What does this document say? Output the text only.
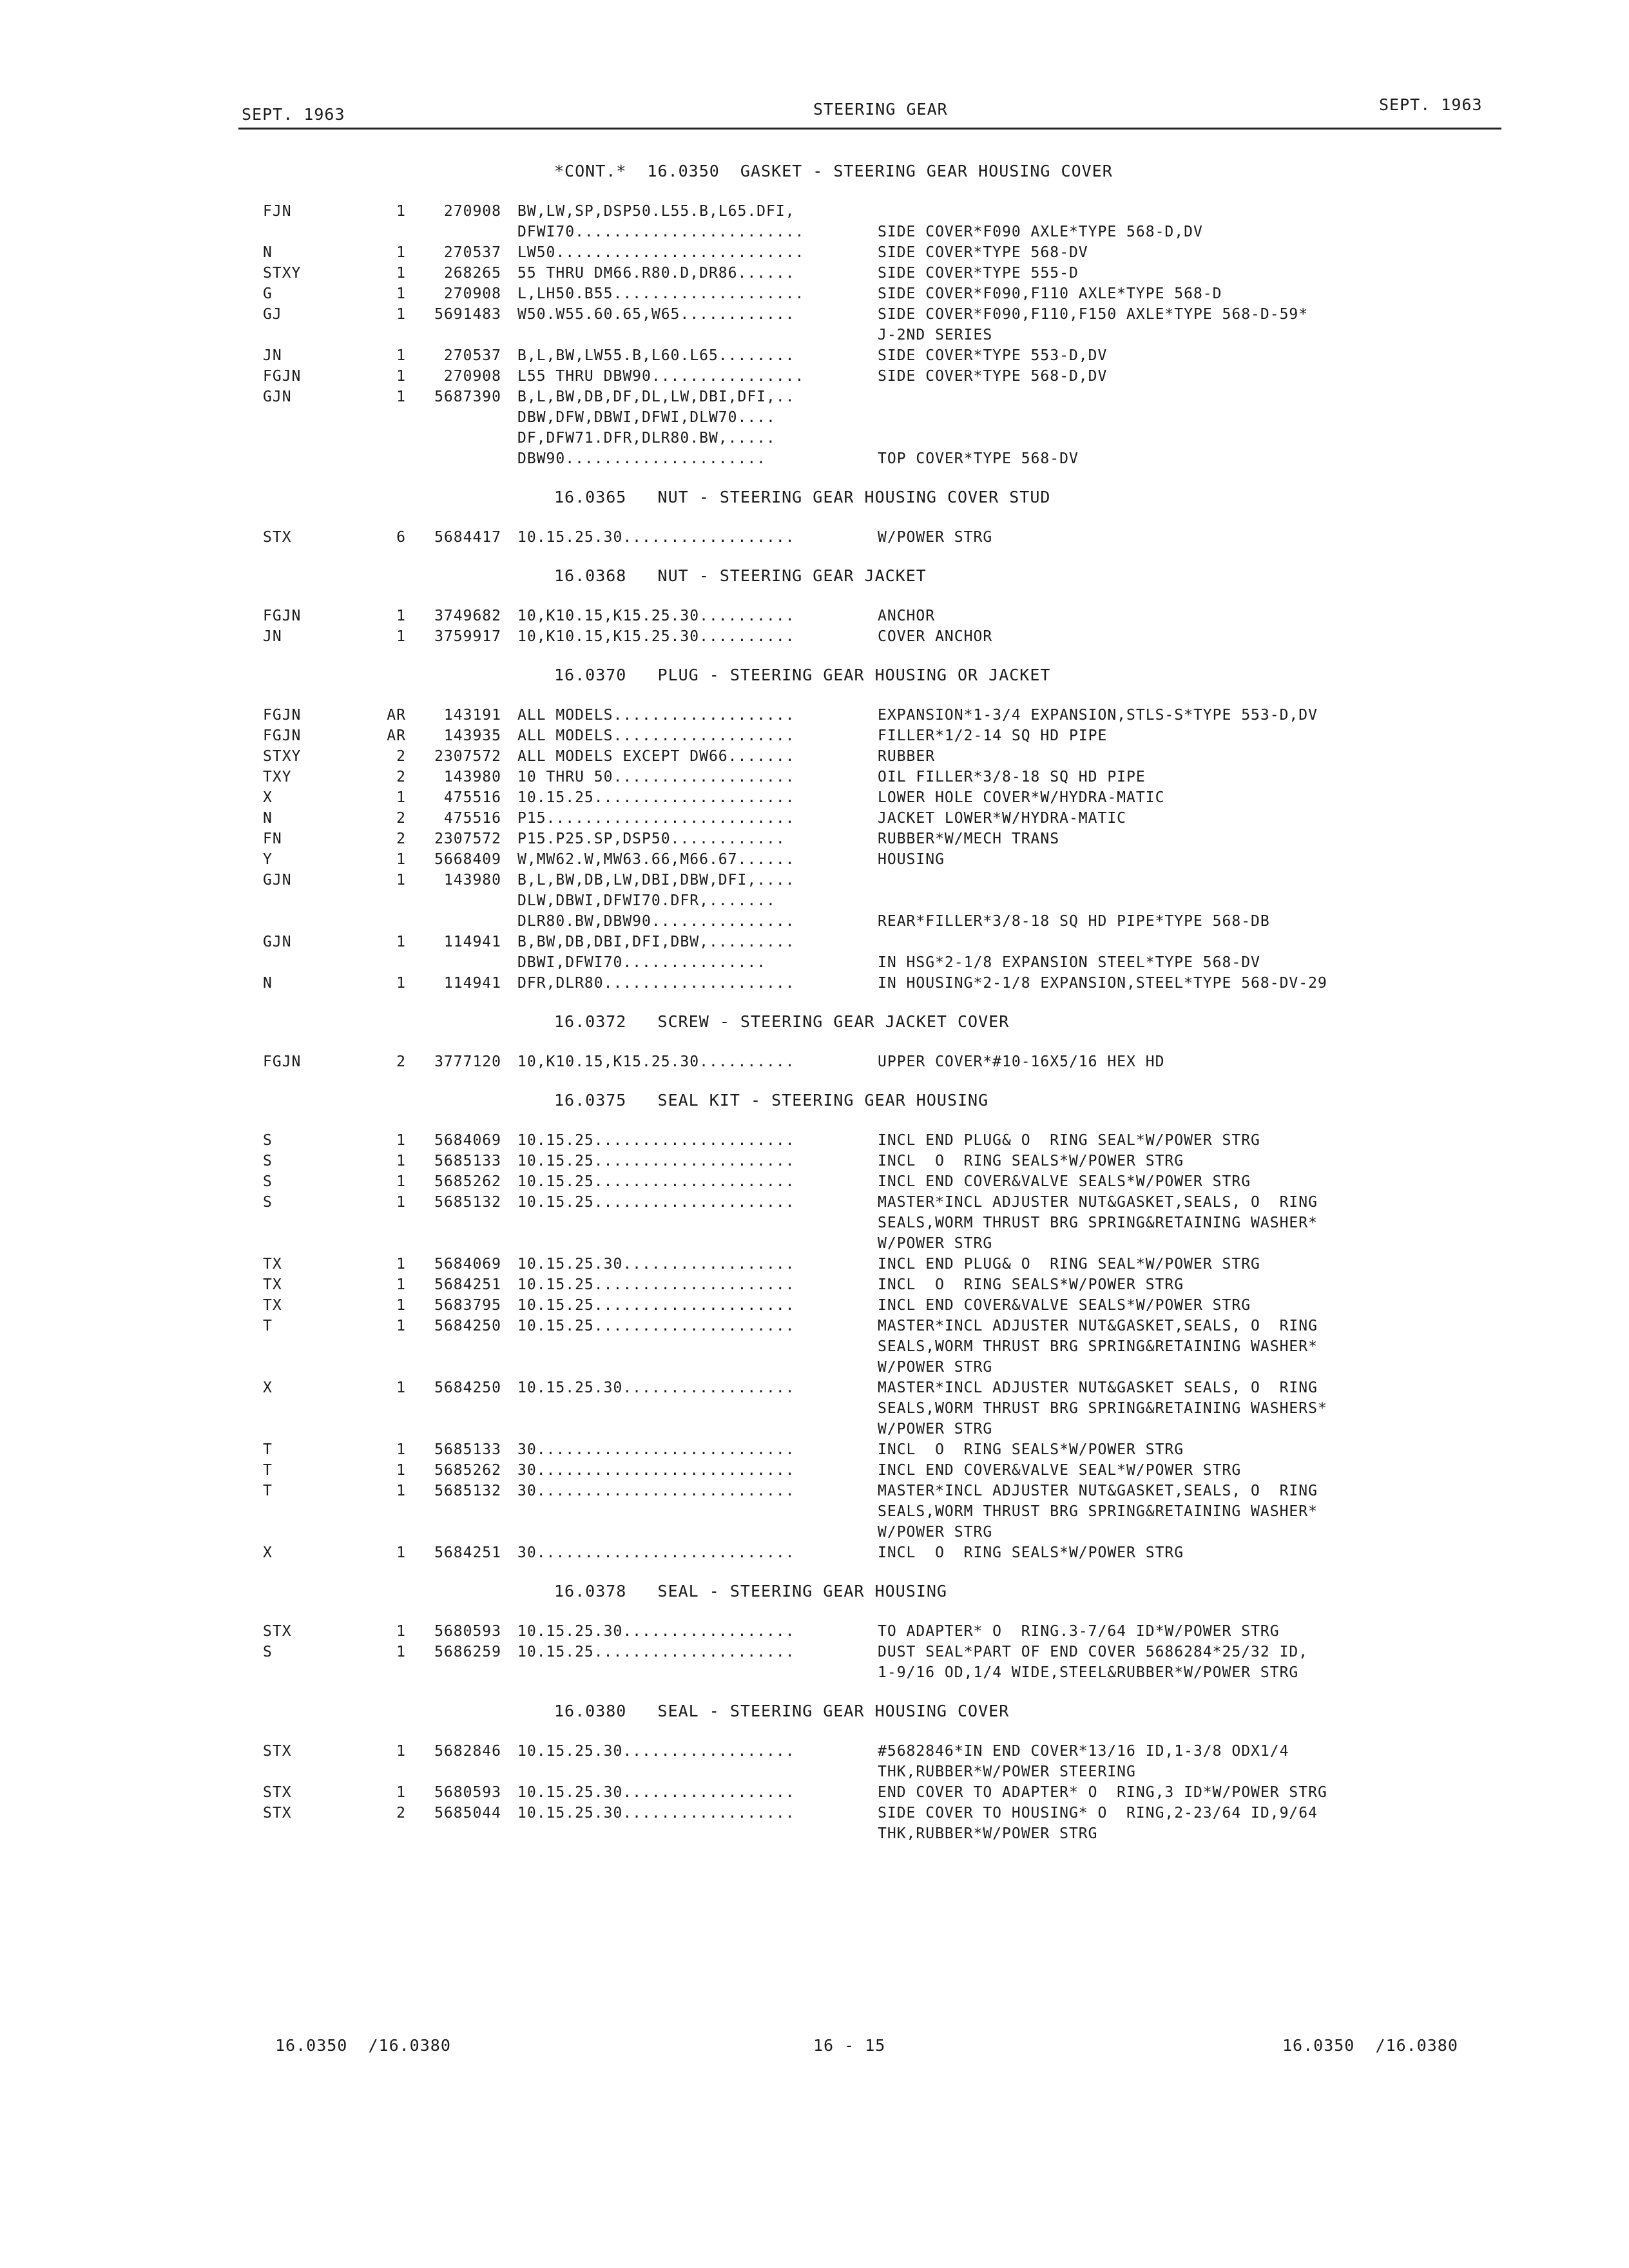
SEPT. 1963	STEERING GEAR	SEPT. 1963
*CONT.*  16.0350  GASKET - STEERING GEAR HOUSING COVER
FJN	1	270908 BW,LW,SP,DSP50.L55.B,L65.DFI,
DFWI70........................	SIDE COVER*F090 AXLE*TYPE 568-D,DV
N	1	270537 LW50..........................	SIDE COVER*TYPE 568-DV
STXY	1	268265 55 THRU DM66.R80.D,DR86......	SIDE COVER*TYPE 555-D
G	1	270908 L,LH50.B55....................	SIDE COVER*F090,F110 AXLE*TYPE 568-D
GJ	1	5691483 W50.W55.60.65,W65............	SIDE COVER*F090,F110,F150 AXLE*TYPE 568-D-59*
J-2ND SERIES
JN	1	270537 B,L,BW,LW55.B,L60.L65........	SIDE COVER*TYPE 553-D,DV
FGJN	1	270908 L55 THRU DBW90................	SIDE COVER*TYPE 568-D,DV
GJN	1	5687390 B,L,BW,DB,DF,DL,LW,DBI,DFI,..
DBW,DFW,DBWI,DFWI,DLW70....
DF,DFW71.DFR,DLR80.BW,.....
DBW90.....................	TOP COVER*TYPE 568-DV
16.0365   NUT - STEERING GEAR HOUSING COVER STUD
STX	6	5684417 10.15.25.30..................	W/POWER STRG
16.0368   NUT - STEERING GEAR JACKET
FGJN	1	3749682 10,K10.15,K15.25.30..........	ANCHOR
JN	1	3759917 10,K10.15,K15.25.30..........	COVER ANCHOR
16.0370   PLUG - STEERING GEAR HOUSING OR JACKET
FGJN	AR	143191 ALL MODELS...................	EXPANSION*1-3/4 EXPANSION,STLS-S*TYPE 553-D,DV
FGJN	AR	143935 ALL MODELS...................	FILLER*1/2-14 SQ HD PIPE
STXY	2	2307572 ALL MODELS EXCEPT DW66.......	RUBBER
TXY	2	143980 10 THRU 50...................	OIL FILLER*3/8-18 SQ HD PIPE
X	1	475516 10.15.25.....................	LOWER HOLE COVER*W/HYDRA-MATIC
N	2	475516 P15..........................	JACKET LOWER*W/HYDRA-MATIC
FN	2	2307572 P15.P25.SP,DSP50............	RUBBER*W/MECH TRANS
Y	1	5668409 W,MW62.W,MW63.66,M66.67......	HOUSING
GJN	1	143980 B,L,BW,DB,LW,DBI,DBW,DFI,....
DLW,DBWI,DFWI70.DFR,.......
DLR80.BW,DBW90...............	REAR*FILLER*3/8-18 SQ HD PIPE*TYPE 568-DB
GJN	1	114941 B,BW,DB,DBI,DFI,DBW,.........
DBWI,DFWI70...............	IN HSG*2-1/8 EXPANSION STEEL*TYPE 568-DV
N	1	114941 DFR,DLR80....................	IN HOUSING*2-1/8 EXPANSION,STEEL*TYPE 568-DV-29
16.0372   SCREW - STEERING GEAR JACKET COVER
FGJN	2	3777120 10,K10.15,K15.25.30..........	UPPER COVER*#10-16X5/16 HEX HD
16.0375   SEAL KIT - STEERING GEAR HOUSING
S	1	5684069 10.15.25.....................	INCL END PLUG& O  RING SEAL*W/POWER STRG
S	1	5685133 10.15.25.....................	INCL  O  RING SEALS*W/POWER STRG
S	1	5685262 10.15.25.....................	INCL END COVER&VALVE SEALS*W/POWER STRG
S	1	5685132 10.15.25.....................	MASTER*INCL ADJUSTER NUT&GASKET,SEALS, O  RING
SEALS,WORM THRUST BRG SPRING&RETAINING WASHER*
W/POWER STRG
TX	1	5684069 10.15.25.30..................	INCL END PLUG& O  RING SEAL*W/POWER STRG
TX	1	5684251 10.15.25.....................	INCL  O  RING SEALS*W/POWER STRG
TX	1	5683795 10.15.25.....................	INCL END COVER&VALVE SEALS*W/POWER STRG
T	1	5684250 10.15.25.....................	MASTER*INCL ADJUSTER NUT&GASKET,SEALS, O  RING
SEALS,WORM THRUST BRG SPRING&RETAINING WASHER*
W/POWER STRG
X	1	5684250 10.15.25.30..................	MASTER*INCL ADJUSTER NUT&GASKET SEALS, O  RING
SEALS,WORM THRUST BRG SPRING&RETAINING WASHERS*
W/POWER STRG
T	1	5685133 30...........................	INCL  O  RING SEALS*W/POWER STRG
T	1	5685262 30...........................	INCL END COVER&VALVE SEAL*W/POWER STRG
T	1	5685132 30...........................	MASTER*INCL ADJUSTER NUT&GASKET,SEALS, O  RING
SEALS,WORM THRUST BRG SPRING&RETAINING WASHER*
W/POWER STRG
X	1	5684251 30...........................	INCL  O  RING SEALS*W/POWER STRG
16.0378   SEAL - STEERING GEAR HOUSING
STX	1	5680593 10.15.25.30..................	TO ADAPTER* O  RING.3-7/64 ID*W/POWER STRG
S	1	5686259 10.15.25.....................	DUST SEAL*PART OF END COVER 5686284*25/32 ID,
1-9/16 OD,1/4 WIDE,STEEL&RUBBER*W/POWER STRG
16.0380   SEAL - STEERING GEAR HOUSING COVER
STX	1	5682846 10.15.25.30..................	#5682846*IN END COVER*13/16 ID,1-3/8 ODX1/4
THK,RUBBER*W/POWER STEERING
STX	1	5680593 10.15.25.30..................	END COVER TO ADAPTER* O  RING,3 ID*W/POWER STRG
STX	2	5685044 10.15.25.30..................	SIDE COVER TO HOUSING* O  RING,2-23/64 ID,9/64
THK,RUBBER*W/POWER STRG
16.0350  /16.0380	16 - 15	16.0350  /16.0380
